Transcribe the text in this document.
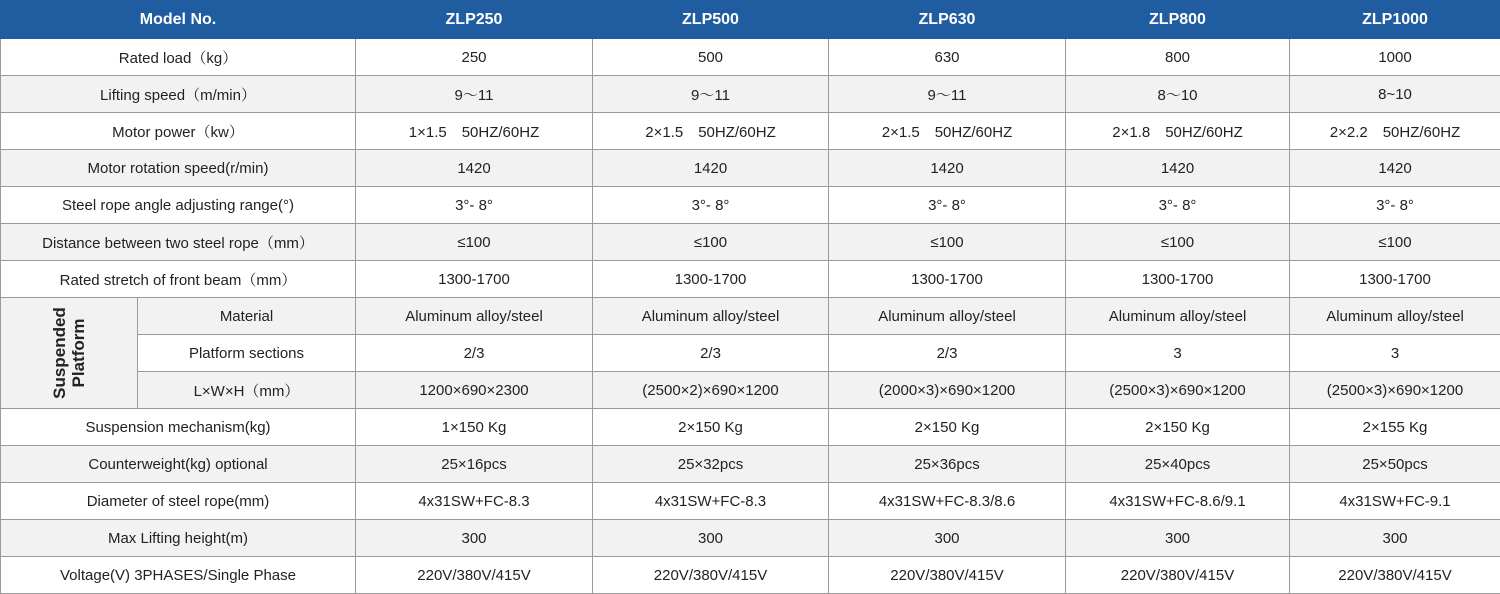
Model No.		ZLP250	ZLP500	ZLP630	ZLP800	ZLP1000
Rated load（kg）		250	500	630	800	1000
Lifting speed（m/min）		9～11	9～11	9～11	8～10	8~10
Motor power（kw）		1×1.5　50HZ/60HZ	2×1.5　50HZ/60HZ	2×1.5　50HZ/60HZ	2×1.8　50HZ/60HZ	2×2.2　50HZ/60HZ
Motor rotation speed(r/min)		1420	1420	1420	1420	1420
Steel rope angle adjusting range(°)		3°- 8°	3°- 8°	3°- 8°	3°- 8°	3°- 8°
Distance between two steel rope（mm）		≤100	≤100	≤100	≤100	≤100
Rated stretch of front beam（mm）		1300-1700	1300-1700	1300-1700	1300-1700	1300-1700

Suspended Platform	Material	Aluminum alloy/steel	Aluminum alloy/steel	Aluminum alloy/steel	Aluminum alloy/steel	Aluminum alloy/steel
	Platform sections	2/3	2/3	2/3	3	3
	L×W×H（mm）	1200×690×2300	(2500×2)×690×1200	(2000×3)×690×1200	(2500×3)×690×1200	(2500×3)×690×1200
Suspension mechanism(kg)		1×150 Kg	2×150 Kg	2×150 Kg	2×150 Kg	2×155 Kg
Counterweight(kg) optional		25×16pcs	25×32pcs	25×36pcs	25×40pcs	25×50pcs
Diameter of steel rope(mm)		4x31SW+FC-8.3	4x31SW+FC-8.3	4x31SW+FC-8.3/8.6	4x31SW+FC-8.6/9.1	4x31SW+FC-9.1
Max Lifting height(m)		300	300	300	300	300
Voltage(V) 3PHASES/Single Phase		220V/380V/415V	220V/380V/415V	220V/380V/415V	220V/380V/415V	220V/380V/415V
